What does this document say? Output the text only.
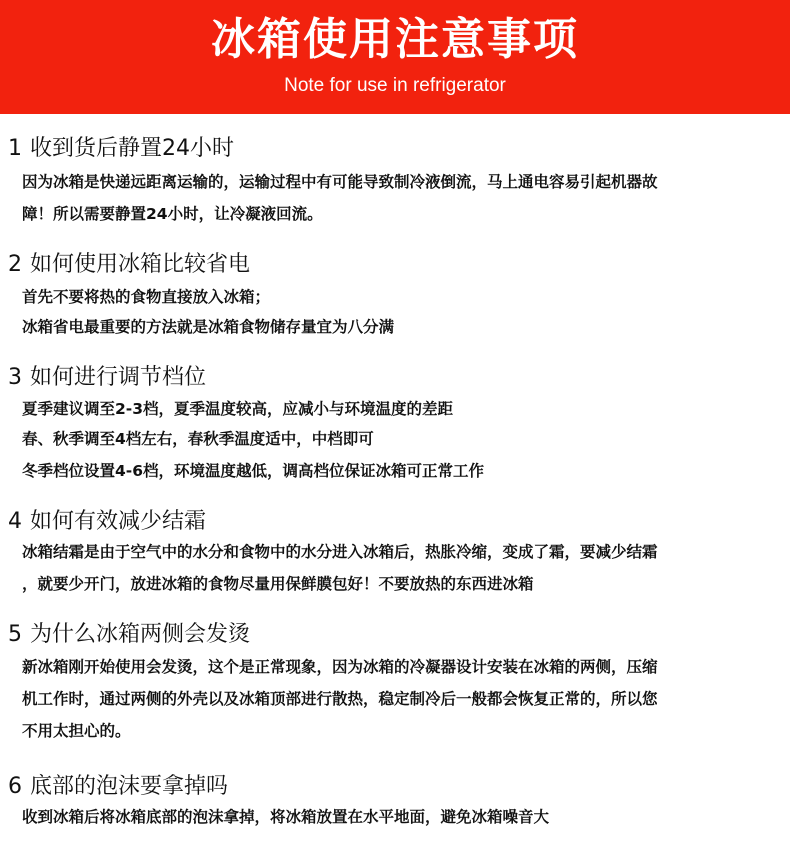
冰箱使用注意事项
Note for use in refrigerator
1 收到货后静置24小时
因为冰箱是快递远距离运输的，运输过程中有可能导致制冷液倒流，马上通电容易引起机器故
障！所以需要静置24小时，让冷凝液回流。
2 如何使用冰箱比较省电
首先不要将热的食物直接放入冰箱；
冰箱省电最重要的方法就是冰箱食物储存量宜为八分满
3 如何进行调节档位
夏季建议调至2-3档，夏季温度较高，应减小与环境温度的差距
春、秋季调至4档左右，春秋季温度适中，中档即可
冬季档位设置4-6档，环境温度越低，调高档位保证冰箱可正常工作
4 如何有效减少结霜
冰箱结霜是由于空气中的水分和食物中的水分进入冰箱后，热胀冷缩，变成了霜，要减少结霜
，就要少开门，放进冰箱的食物尽量用保鲜膜包好！不要放热的东西进冰箱
5 为什么冰箱两侧会发烫
新冰箱刚开始使用会发烫，这个是正常现象，因为冰箱的冷凝器设计安装在冰箱的两侧，压缩
机工作时，通过两侧的外壳以及冰箱顶部进行散热，稳定制冷后一般都会恢复正常的，所以您
不用太担心的。
6 底部的泡沫要拿掉吗
收到冰箱后将冰箱底部的泡沫拿掉，将冰箱放置在水平地面，避免冰箱噪音大
